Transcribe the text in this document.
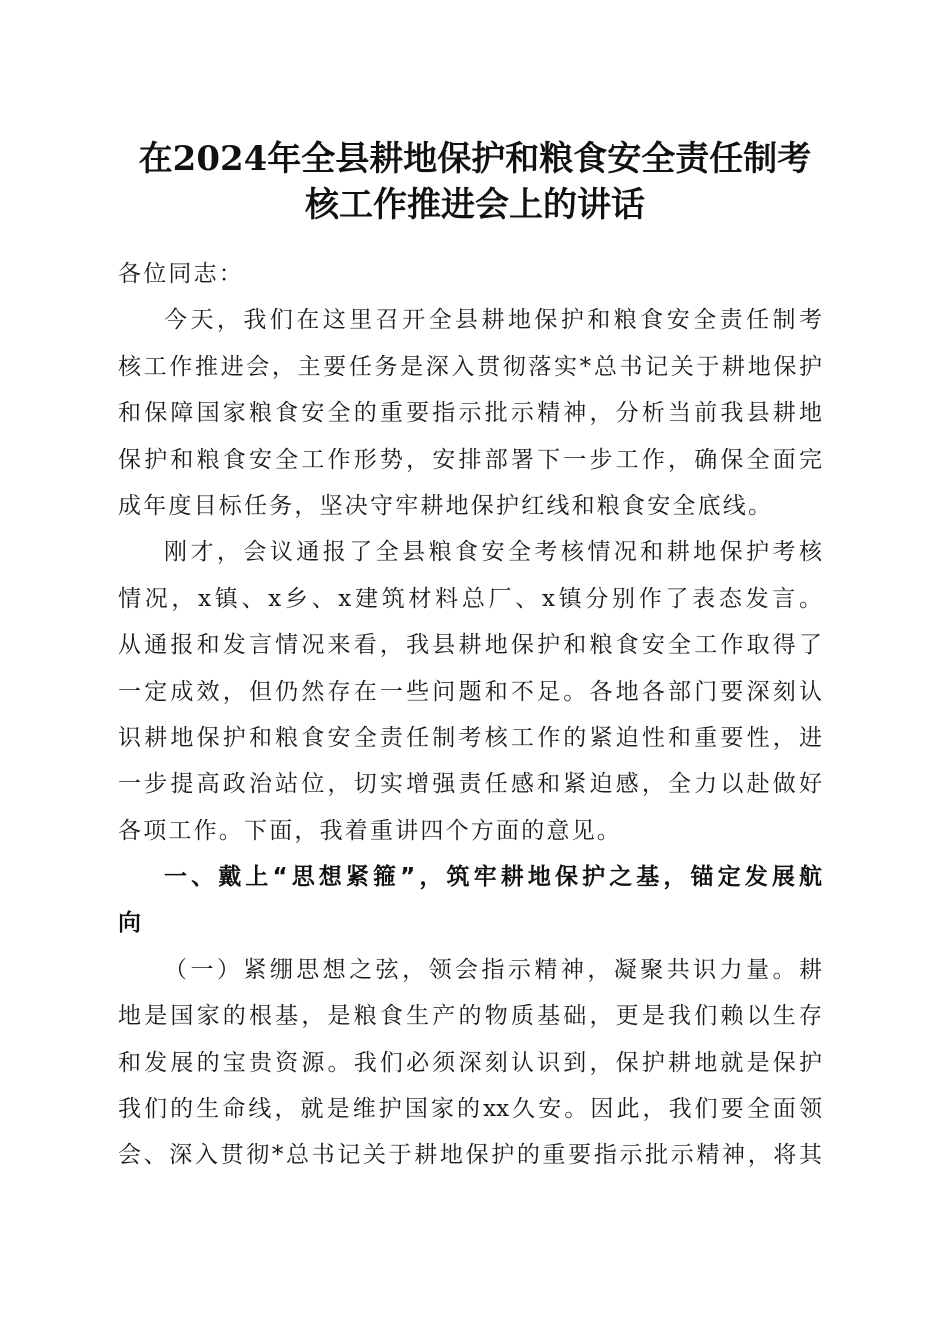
在2024年全县耕地保护和粮食安全责任制考
核工作推进会上的讲话
各位同志：
今天，我们在这里召开全县耕地保护和粮食安全责任制考
核工作推进会，主要任务是深入贯彻落实*总书记关于耕地保护
和保障国家粮食安全的重要指示批示精神，分析当前我县耕地
保护和粮食安全工作形势，安排部署下一步工作，确保全面完
成年度目标任务，坚决守牢耕地保护红线和粮食安全底线。
刚才，会议通报了全县粮食安全考核情况和耕地保护考核
情况，x镇、x乡、x建筑材料总厂、x镇分别作了表态发言。
从通报和发言情况来看，我县耕地保护和粮食安全工作取得了
一定成效，但仍然存在一些问题和不足。各地各部门要深刻认
识耕地保护和粮食安全责任制考核工作的紧迫性和重要性，进
一步提高政治站位，切实增强责任感和紧迫感，全力以赴做好
各项工作。下面，我着重讲四个方面的意见。
一、戴上“思想紧箍”，筑牢耕地保护之基，锚定发展航
向
（一）紧绷思想之弦，领会指示精神，凝聚共识力量。耕
地是国家的根基，是粮食生产的物质基础，更是我们赖以生存
和发展的宝贵资源。我们必须深刻认识到，保护耕地就是保护
我们的生命线，就是维护国家的xx久安。因此，我们要全面领
会、深入贯彻*总书记关于耕地保护的重要指示批示精神，将其
